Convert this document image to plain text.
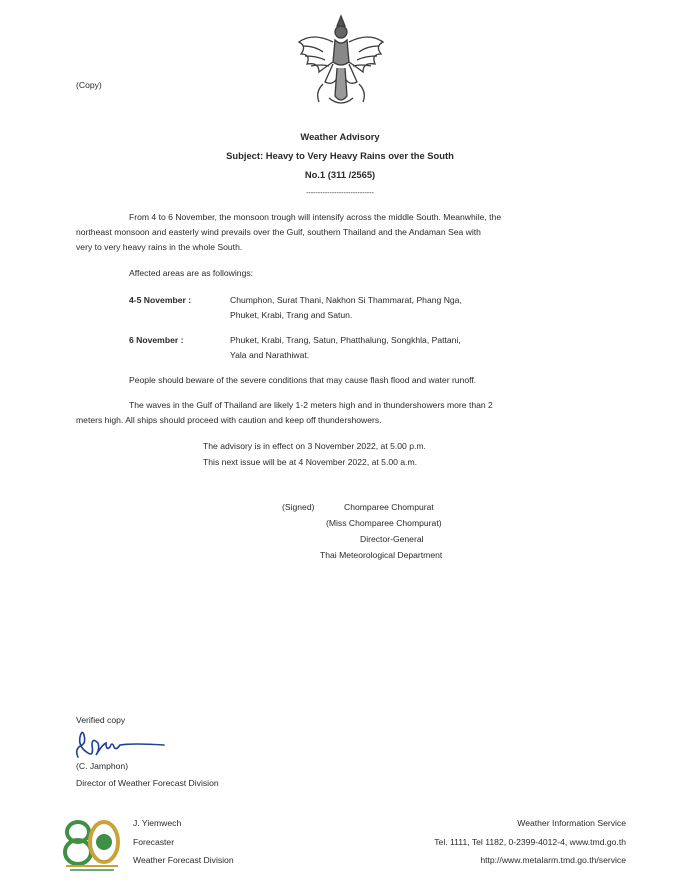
(Copy)
Weather Advisory
Subject: Heavy to Very Heavy Rains over the South
No.1 (311 /2565)
-----------------------------
From 4 to 6 November, the monsoon trough will intensify across the middle South. Meanwhile, the
northeast monsoon and easterly wind prevails over the Gulf, southern Thailand and the Andaman Sea with
very to very heavy rains in the whole South.
Affected areas are as followings:
4-5 November :	Chumphon, Surat Thani, Nakhon Si Thammarat, Phang Nga,
Phuket, Krabi, Trang and Satun.
6 November :	Phuket, Krabi, Trang, Satun, Phatthalung, Songkhla, Pattani,
Yala and Narathiwat.
People should beware of the severe conditions that may cause flash flood and water runoff.
The waves in the Gulf of Thailand are likely 1-2 meters high and in thundershowers more than 2
meters high. All ships should proceed with caution and keep off thundershowers.
The advisory is in effect on 3 November 2022, at 5.00 p.m.
This next issue will be at 4 November 2022, at 5.00 a.m.
(Signed)	Chomparee Chompurat
(Miss Chomparee Chompurat)
Director-General
Thai Meteorological Department
Verified copy
(C. Jamphon)
Director of Weather Forecast Division
J. Yiemwech
Forecaster
Weather Forecast Division
Weather Information Service
Tel. 1111, Tel 1182, 0-2399-4012-4, www.tmd.go.th
http://www.metalarm.tmd.go.th/service
